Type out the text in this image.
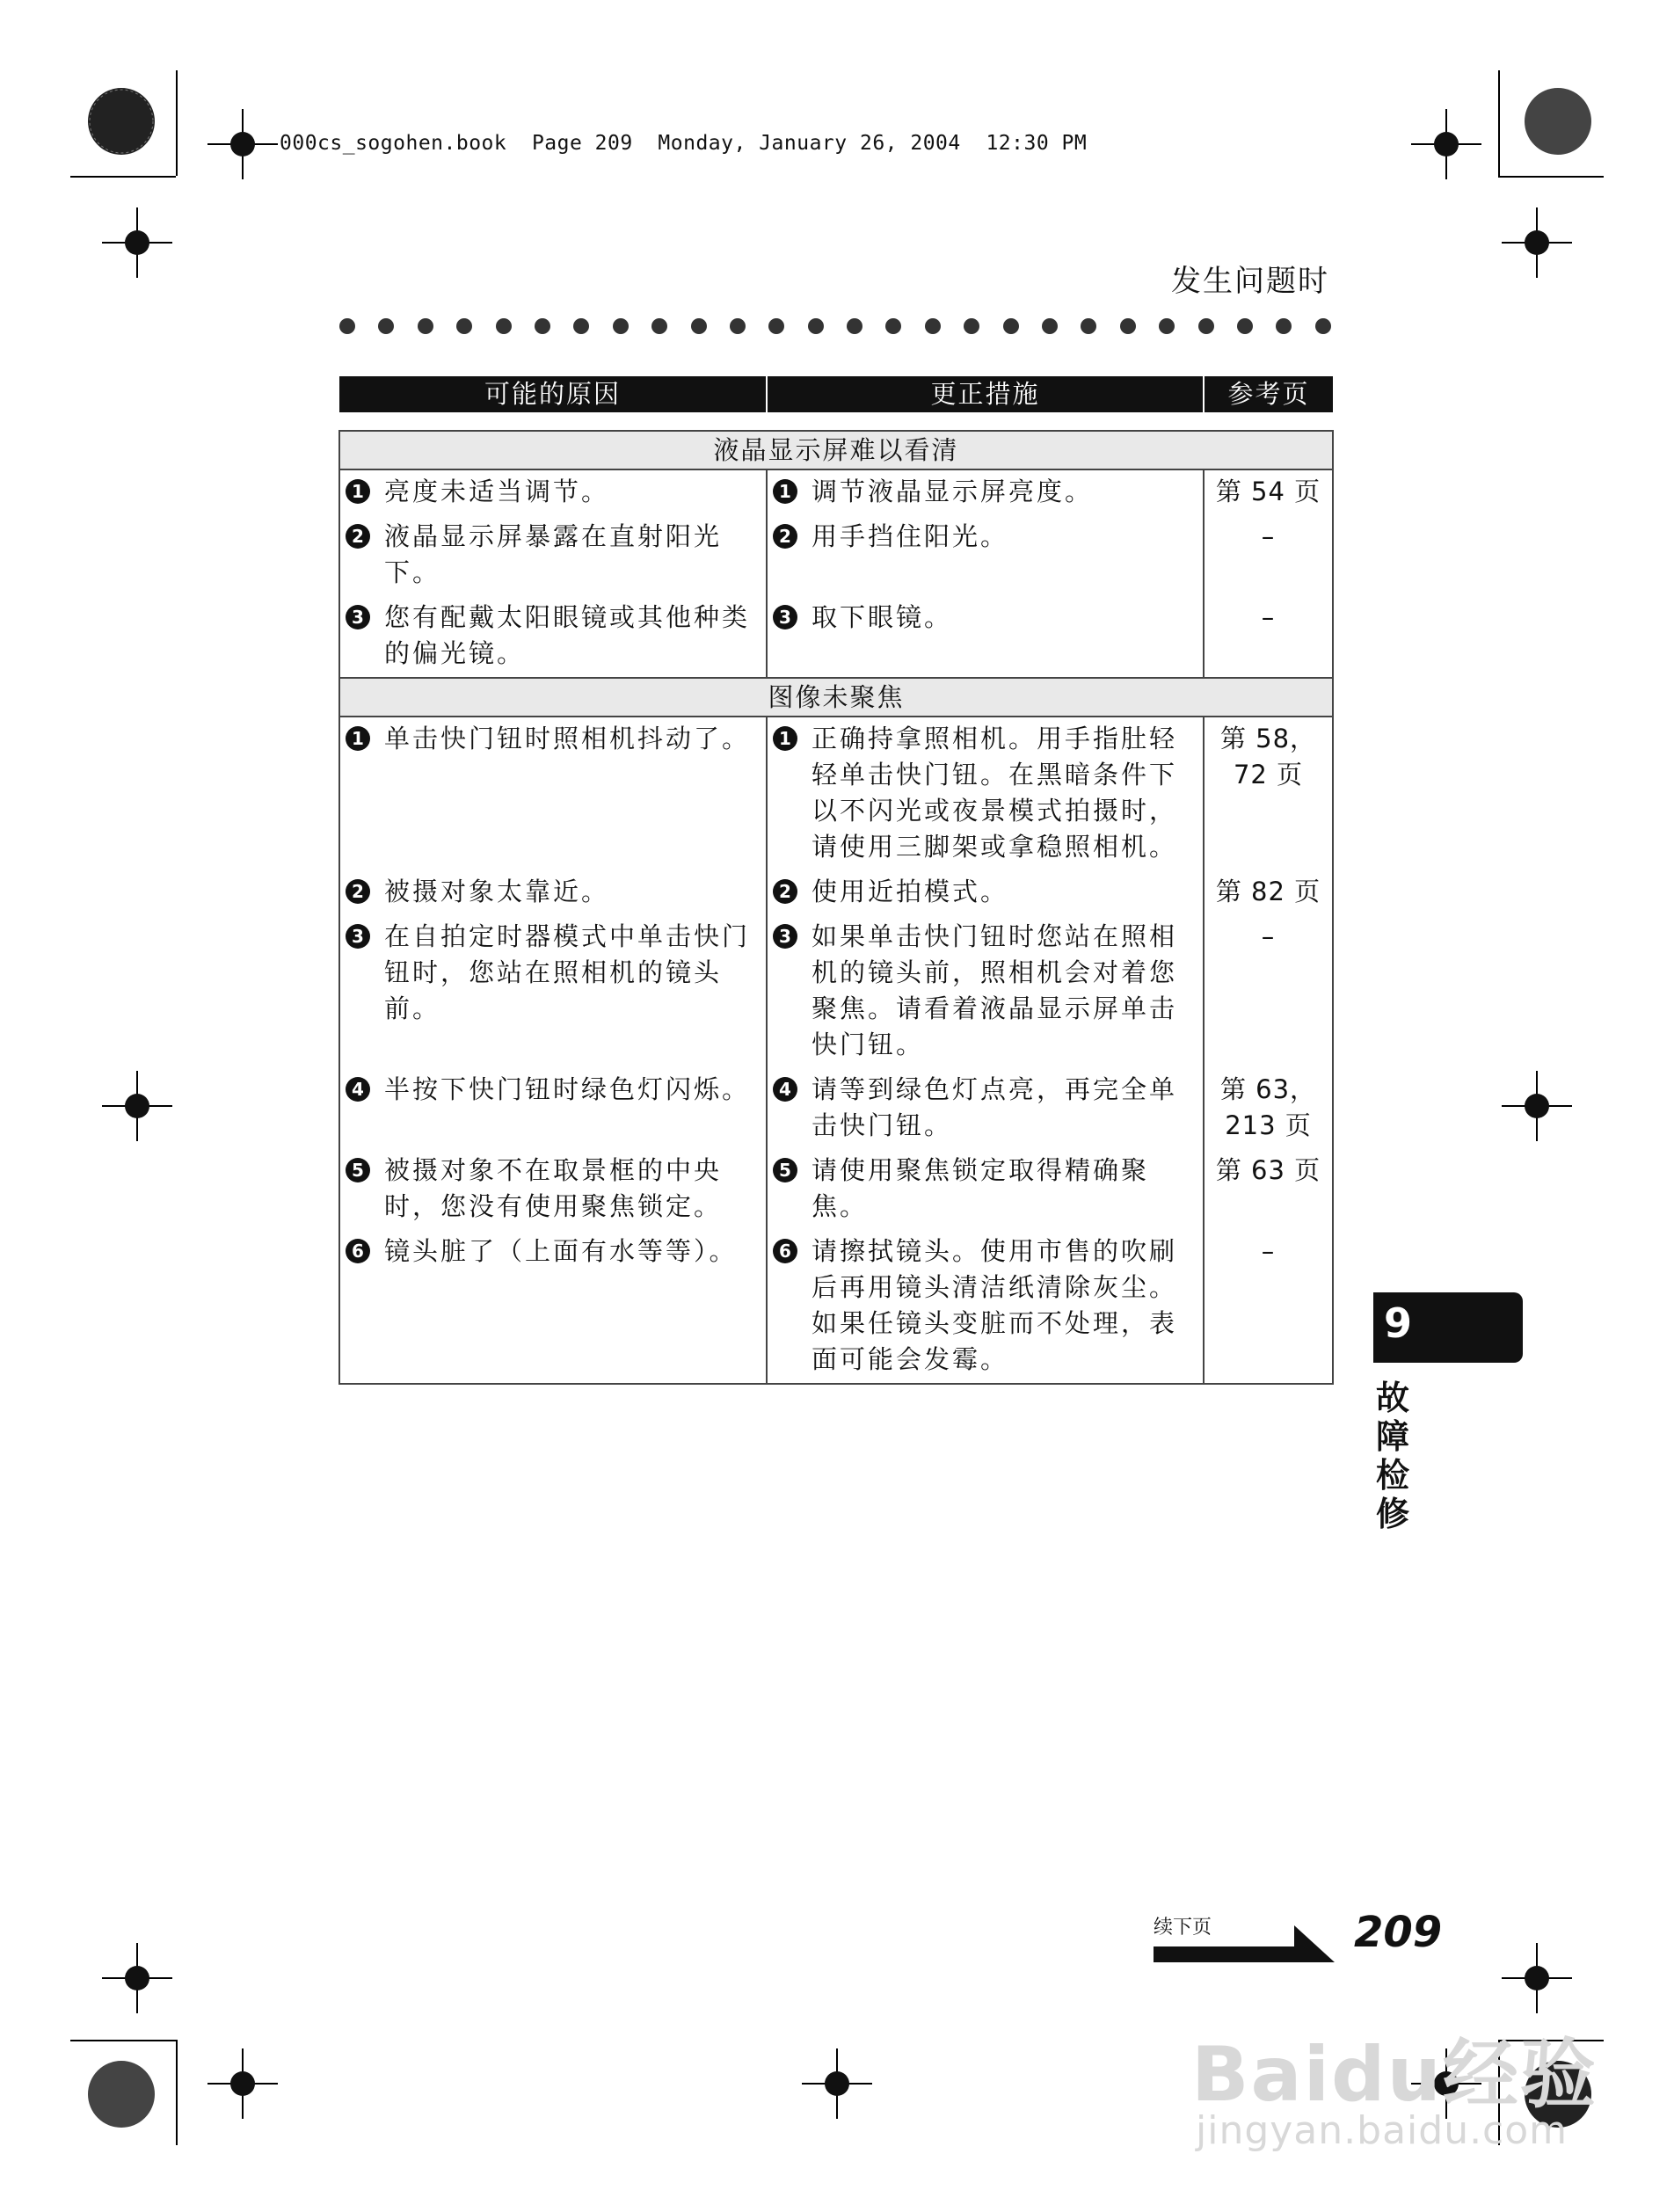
000cs_sogohen.book  Page 209  Monday, January 26, 2004  12:30 PM
发生问题时
可能的原因	更正措施	参考页

液晶显示屏难以看清		

1 亮度未适当调节。	1 调节液晶显示屏亮度。	第 54 页

2 液晶显示屏暴露在直射阳光下。	2 用手挡住阳光。	–

3 您有配戴太阳眼镜或其他种类的偏光镜。	3 取下眼镜。	–
图像未聚焦		

1 单击快门钮时照相机抖动了。	1 正确持拿照相机。用手指肚轻轻单击快门钮。在黑暗条件下以不闪光或夜景模式拍摄时，请使用三脚架或拿稳照相机。	第 58，72 页

2 被摄对象太靠近。	2 使用近拍模式。	第 82 页

3 在自拍定时器模式中单击快门钮时，您站在照相机的镜头前。	3 如果单击快门钮时您站在照相机的镜头前，照相机会对着您聚焦。请看着液晶显示屏单击快门钮。	–

4 半按下快门钮时绿色灯闪烁。	4 请等到绿色灯点亮，再完全单击快门钮。	第 63，213 页

5 被摄对象不在取景框的中央时，您没有使用聚焦锁定。	5 请使用聚焦锁定取得精确聚焦。	第 63 页

6 镜头脏了（上面有水等等）。	6 请擦拭镜头。使用市售的吹刷后再用镜头清洁纸清除灰尘。如果任镜头变脏而不处理，表面可能会发霉。	–
9
故障检修
续下页	209
Baidu经验
jingyan.baidu.com
